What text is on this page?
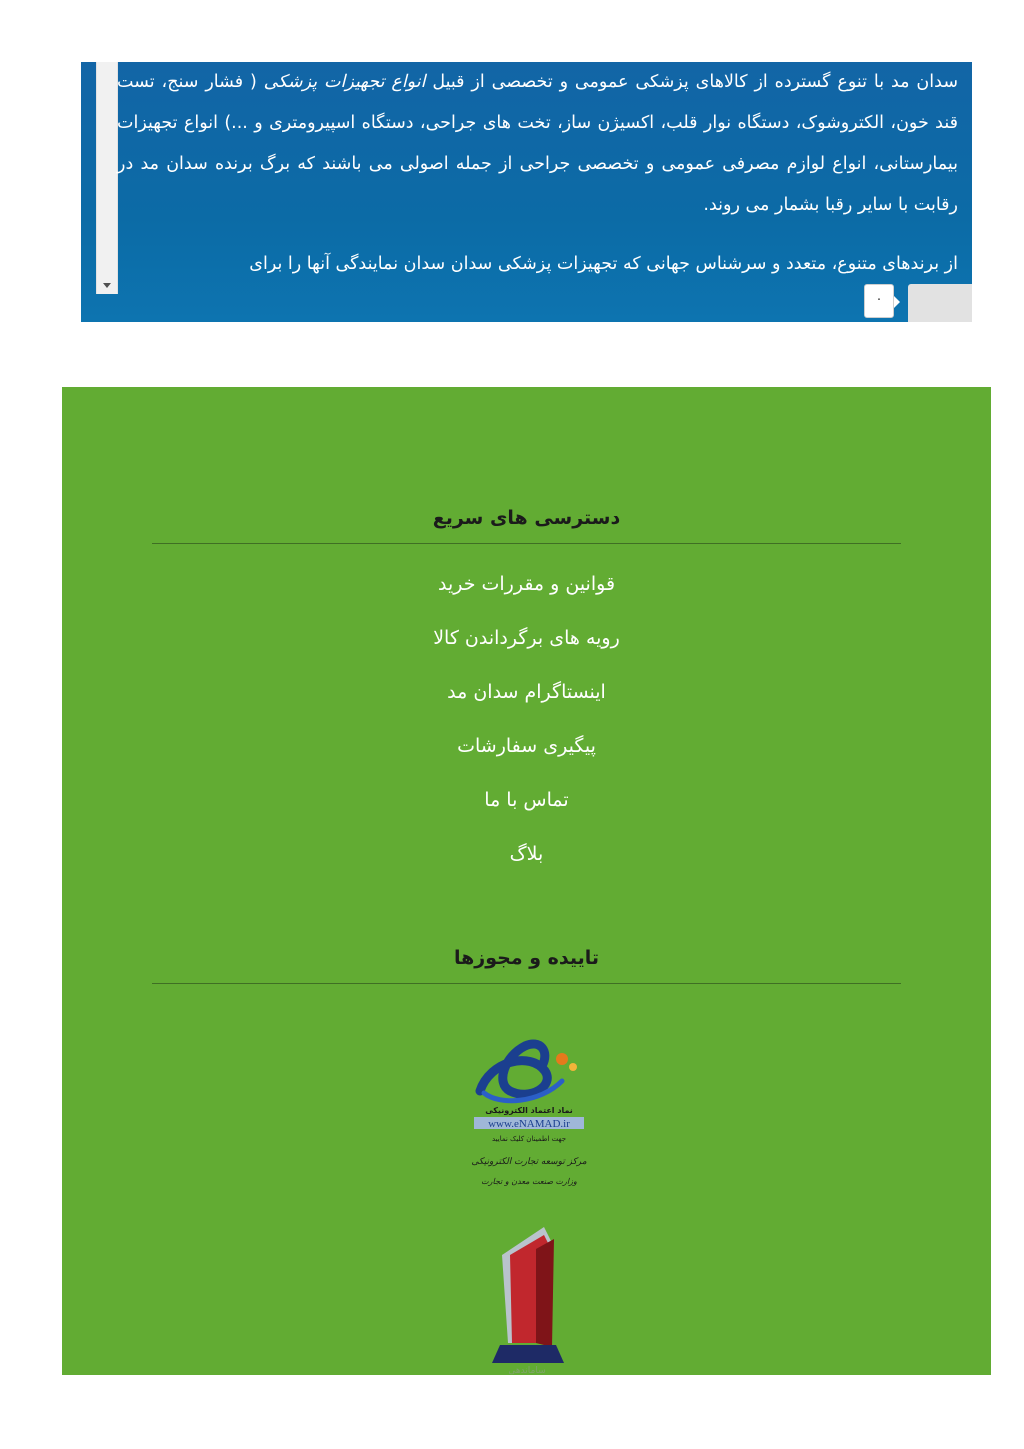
سدان مد با تنوع گسترده از کالاهای پزشکی عمومی و تخصصی از قبیل انواع تجهیزات پزشکی ( فشار سنج، تست قند خون، الکتروشوک، دستگاه نوار قلب، اکسیژن ساز، تخت های جراحی، دستگاه اسپیرومتری و ...) انواع تجهیزات بیمارستانی، انواع لوازم مصرفی عمومی و تخصصی جراحی از جمله اصولی می باشند که برگ برنده سدان مد در رقابت با سایر رقبا بشمار می روند.

از برندهای متنوع، متعدد و سرشناس جهانی که تجهیزات پزشکی سدان سدان نمایندگی آنها را برای

۰
دسترسی های سریع
قوانین و مقررات خرید
رویه های برگرداندن کالا
اینستاگرام سدان مد
پیگیری سفارشات
تماس با ما
بلاگ
تاییده و مجوزها
نماد اعتماد الکترونیکی
www.eNAMAD.ir
جهت اطمینان کلیک نمایید
مرکز توسعه تجارت الکترونیکی
وزارت صنعت معدن و تجارت
ساماندهی
